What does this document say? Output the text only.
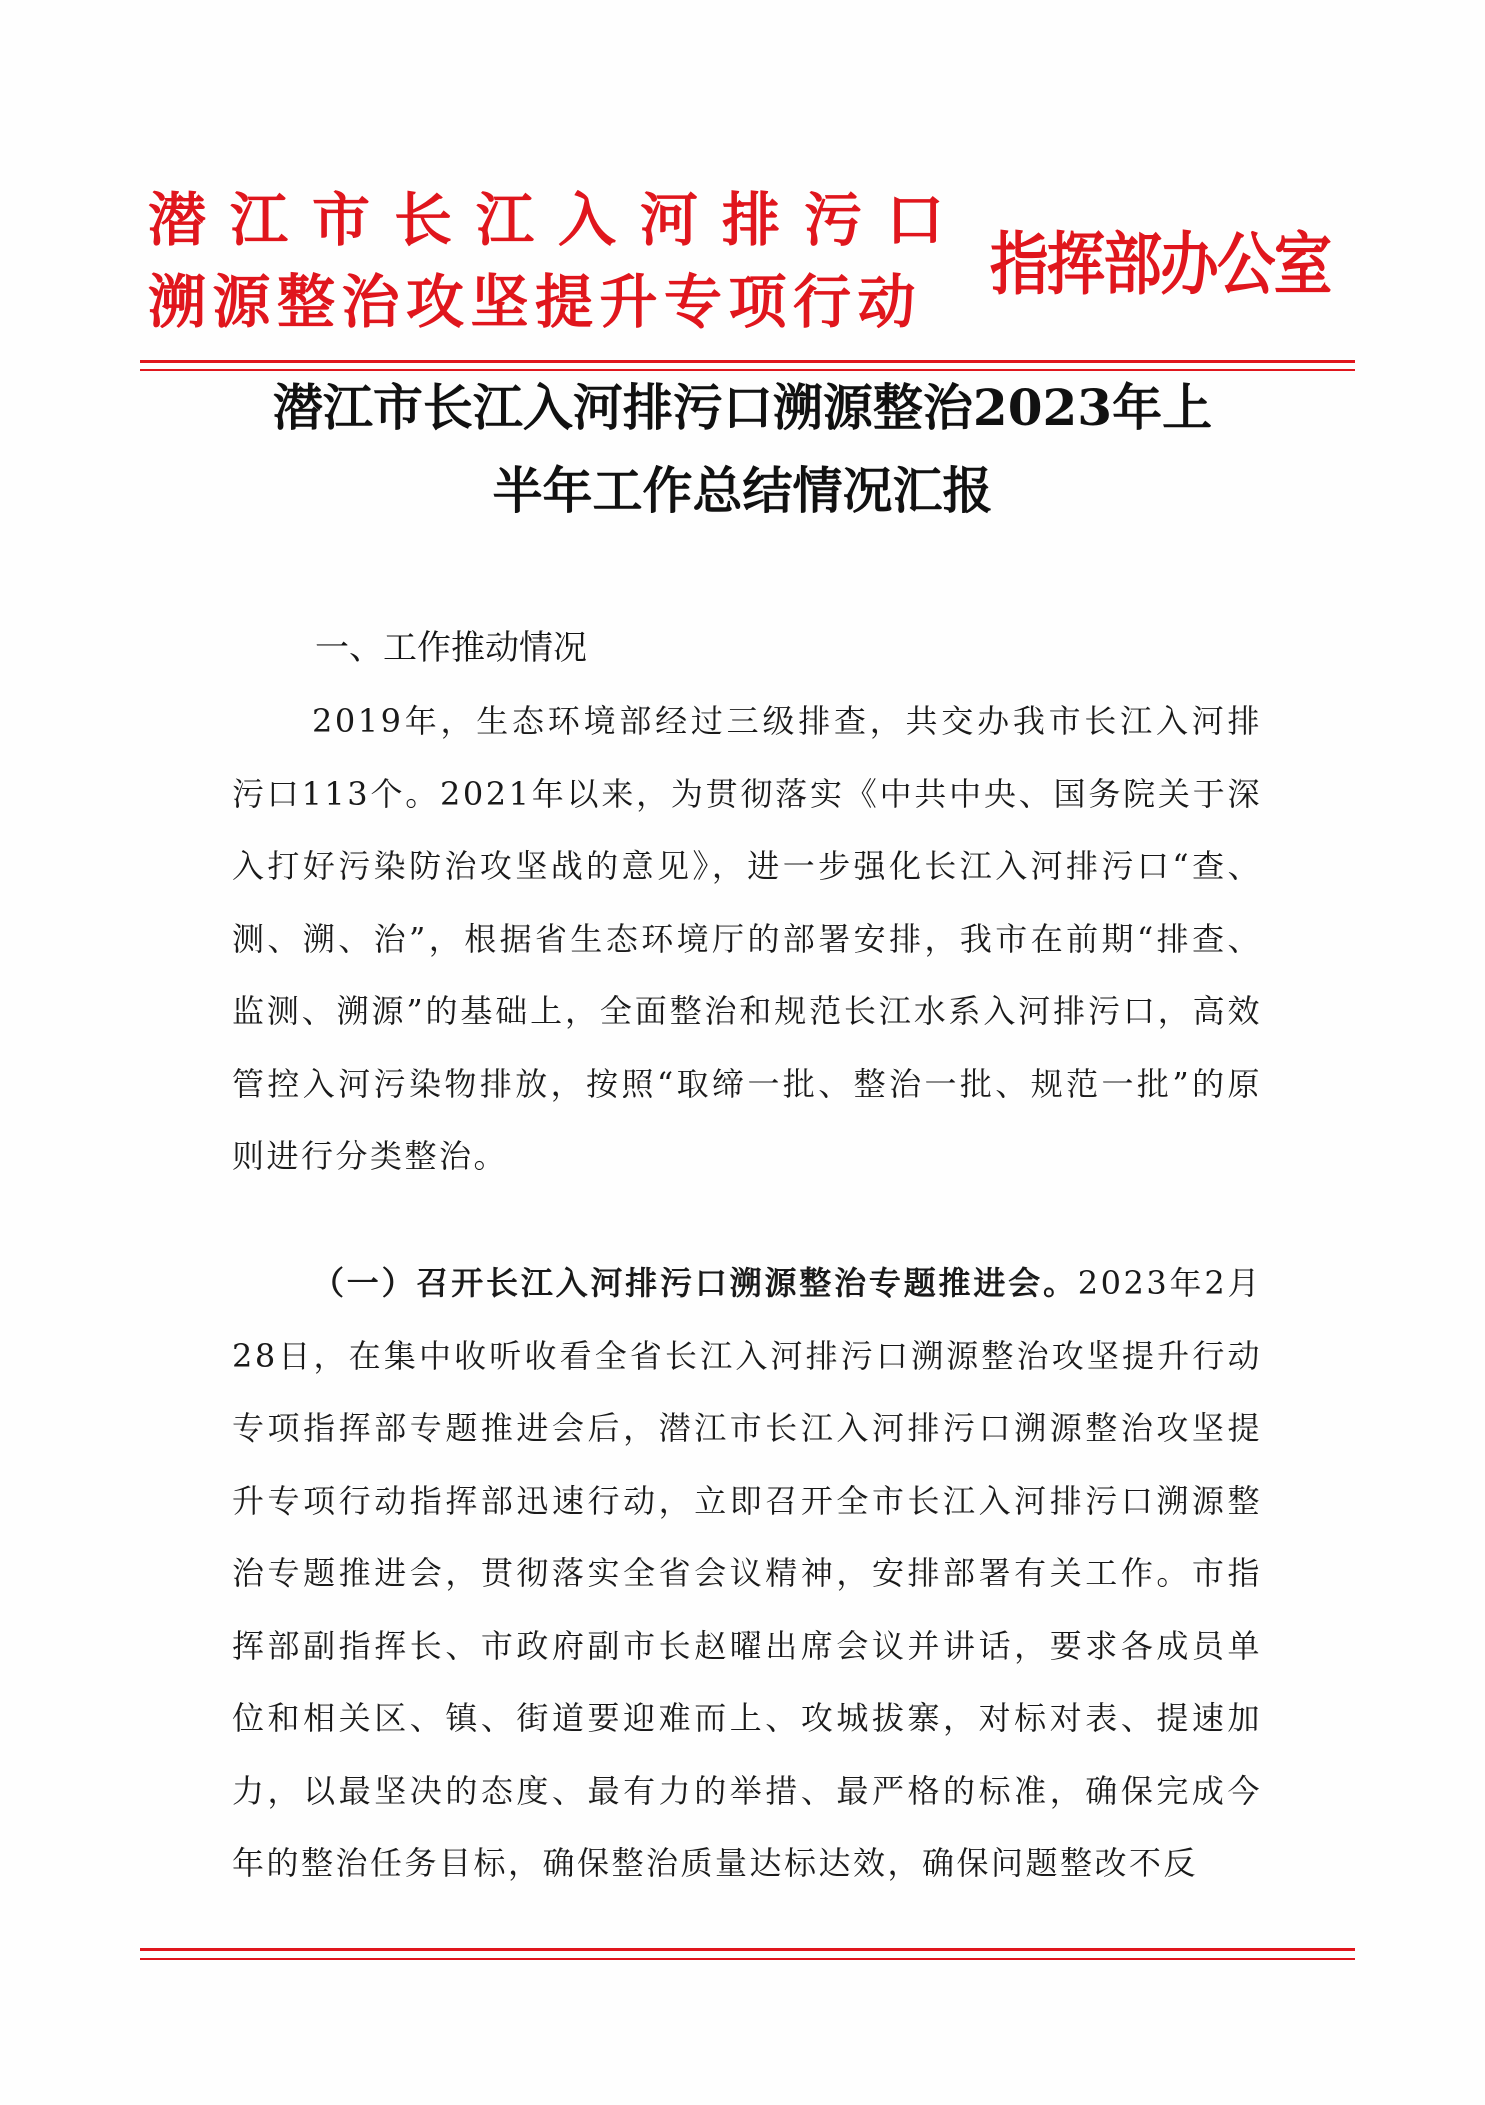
潜江市长江入河排污口
溯源整治攻坚提升专项行动 指挥部办公室
潜江市长江入河排污口溯源整治2023年上
半年工作总结情况汇报
一、工作推动情况
2019年，生态环境部经过三级排查，共交办我市长江入河排污口113个。2021年以来，为贯彻落实《中共中央、国务院关于深入打好污染防治攻坚战的意见》，进一步强化长江入河排污口“查、测、溯、治”，根据省生态环境厅的部署安排，我市在前期“排查、监测、溯源”的基础上，全面整治和规范长江水系入河排污口，高效管控入河污染物排放，按照“取缔一批、整治一批、规范一批”的原则进行分类整治。
（一）召开长江入河排污口溯源整治专题推进会。2023年2月28日，在集中收听收看全省长江入河排污口溯源整治攻坚提升行动专项指挥部专题推进会后，潜江市长江入河排污口溯源整治攻坚提升专项行动指挥部迅速行动，立即召开全市长江入河排污口溯源整治专题推进会，贯彻落实全省会议精神，安排部署有关工作。市指挥部副指挥长、市政府副市长赵曜出席会议并讲话，要求各成员单位和相关区、镇、街道要迎难而上、攻城拔寨，对标对表、提速加力，以最坚决的态度、最有力的举措、最严格的标准，确保完成今年的整治任务目标，确保整治质量达标达效，确保问题整改不反
